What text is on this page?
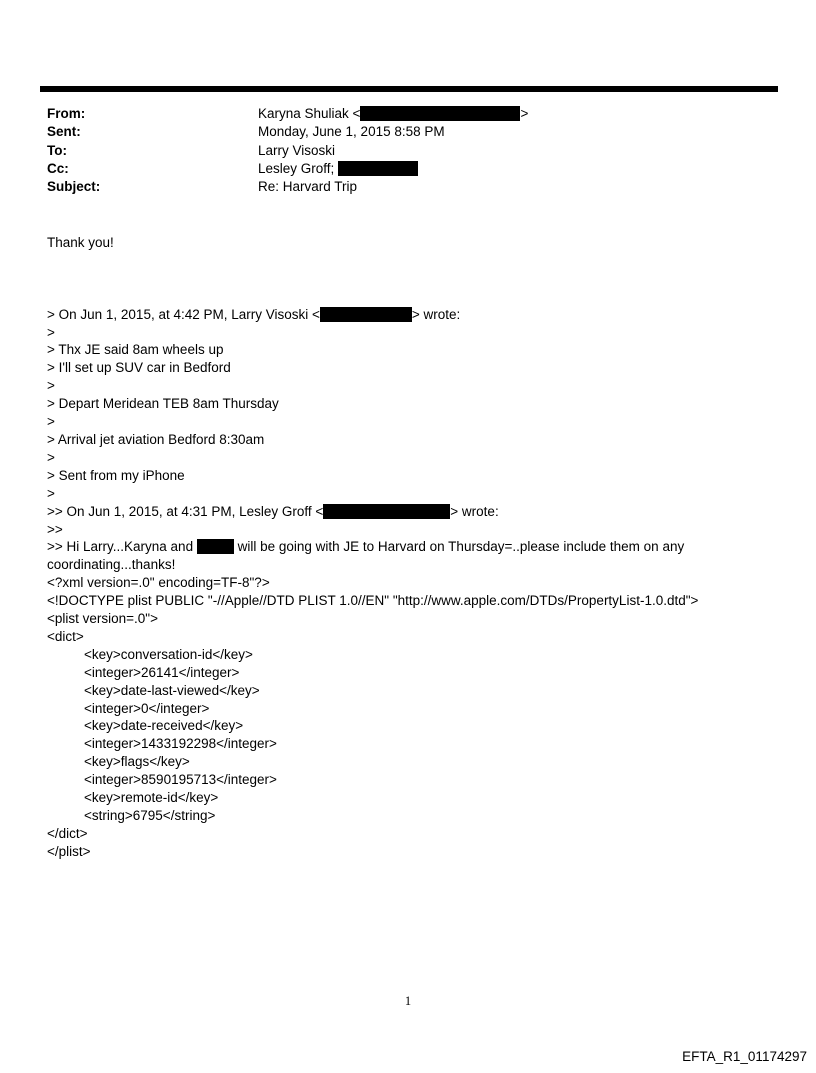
From:	Karyna Shuliak <	>
Sent:	Monday, June 1, 2015 8:58 PM
To:	Larry Visoski
Cc:	Lesley Groff;
Subject:	Re: Harvard Trip
Thank you!

> On Jun 1, 2015, at 4:42 PM, Larry Visoski <	> wrote:
>
> Thx JE said 8am wheels up
> I'll set up SUV car in Bedford
>
> Depart Meridean TEB 8am Thursday
>
> Arrival jet aviation Bedford 8:30am
>
> Sent from my iPhone
>
>> On Jun 1, 2015, at 4:31 PM, Lesley Groff <	> wrote:
>>
>> Hi Larry...Karyna and	will be going with JE to Harvard on Thursday=..please include them on any
coordinating...thanks!
<?xml version=.0" encoding=TF-8"?>
<!DOCTYPE plist PUBLIC "-//Apple//DTD PLIST 1.0//EN" "http://www.apple.com/DTDs/PropertyList-1.0.dtd">
<plist version=.0">
<dict>
<key>conversation-id</key>
<integer>26141</integer>
<key>date-last-viewed</key>
<integer>0</integer>
<key>date-received</key>
<integer>1433192298</integer>
<key>flags</key>
<integer>8590195713</integer>
<key>remote-id</key>
<string>6795</string>
</dict>
</plist>
1
EFTA_R1_01174297
